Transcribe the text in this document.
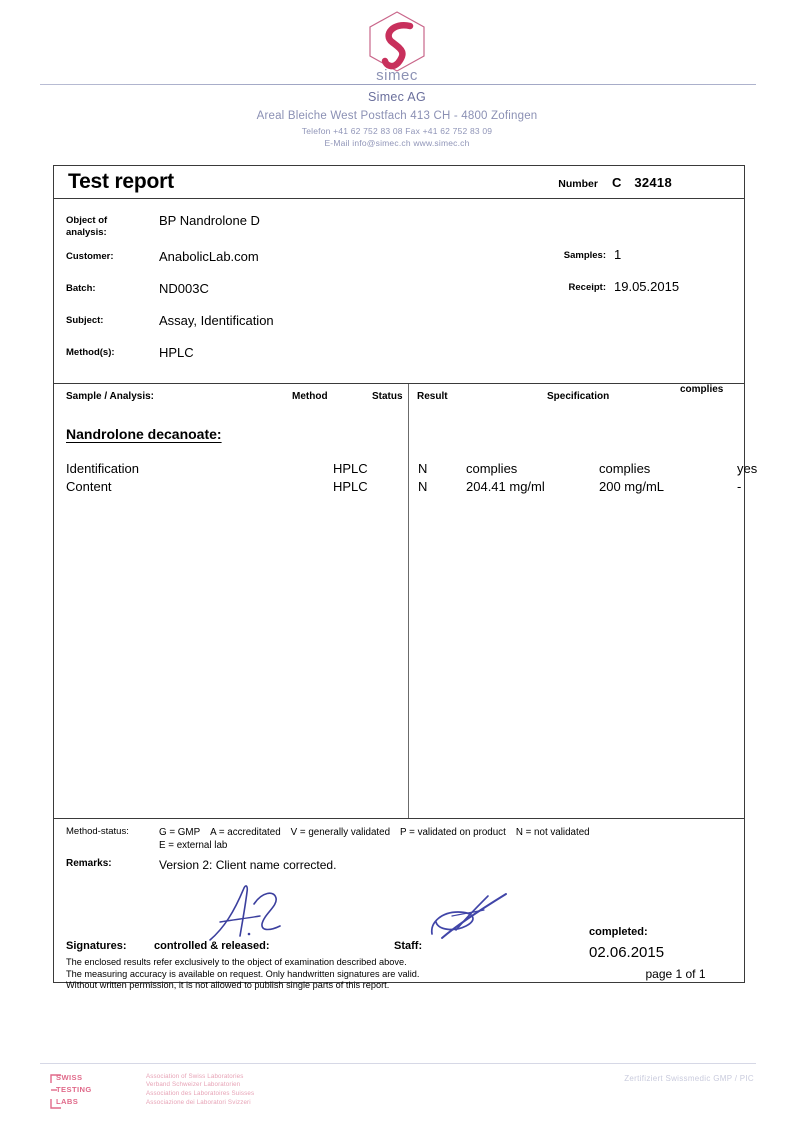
simec
Simec AG
Areal Bleiche West Postfach 413 CH - 4800 Zofingen
Telefon +41 62 752 83 08 Fax +41 62 752 83 09
E-Mail info@simec.ch www.simec.ch
Test report	Number C 32418
Object of
analysis:
BP Nandrolone D
Customer:	AnabolicLab.com	Samples: 1
Batch:	ND003C	Receipt: 19.05.2015
Subject:	Assay, Identification
Method(s):	HPLC
Sample / Analysis:	Method	Status Result	Specification
complies
Nandrolone decanoate:
Identification	HPLC	N	complies	complies	yes
Content	HPLC	N	204.41 mg/ml	200 mg/mL	-
Method-status:	G = GMP A = accreditated V = generally validated P = validated on product N = not validated
E = external lab
Remarks:	Version 2: Client name corrected.
Signatures: controlled & released:	Staff:
The enclosed results refer exclusively to the object of examination described above.
The measuring accuracy is available on request. Only handwritten signatures are valid.
Without written permission, it is not allowed to publish single parts of this report.
completed:
02.06.2015
page 1 of 1
SWISS
TESTING
LABS
Association of Swiss Laboratories
Verband Schweizer Laboratorien
Association des Laboratoires Suisses
Associazione dei Laboratori Svizzeri
Zertifiziert Swissmedic GMP / PIC
